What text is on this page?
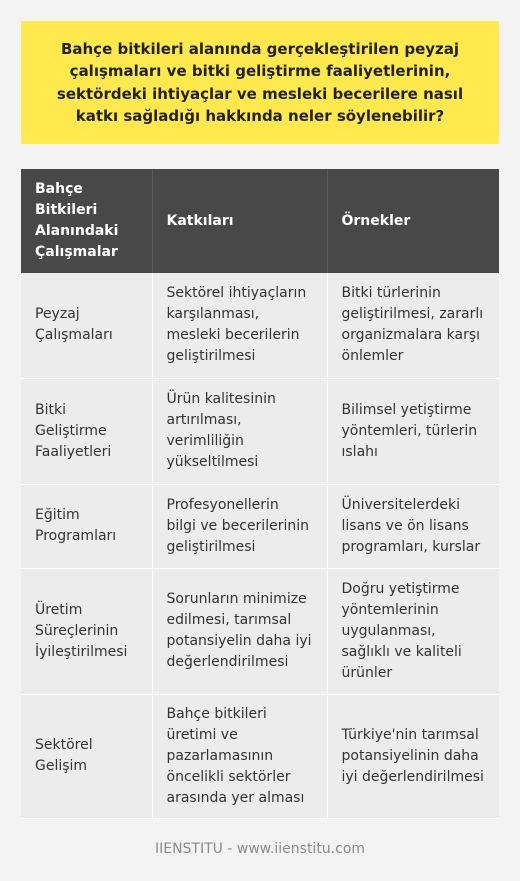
Bahçe bitkileri alanında gerçekleştirilen peyzaj çalışmaları ve bitki geliştirme faaliyetlerinin, sektördeki ihtiyaçlar ve mesleki becerilere nasıl katkı sağladığı hakkında neler söylenebilir?
Bahçe Bitkileri Alanındaki Çalışmalar	Katkıları	Örnekler
Peyzaj Çalışmaları	Sektörel ihtiyaçların karşılanması, mesleki becerilerin geliştirilmesi	Bitki türlerinin geliştirilmesi, zararlı organizmalara karşı önlemler
Bitki Geliştirme Faaliyetleri	Ürün kalitesinin artırılması, verimliliğin yükseltilmesi	Bilimsel yetiştirme yöntemleri, türlerin ıslahı
Eğitim Programları	Profesyonellerin bilgi ve becerilerinin geliştirilmesi	Üniversitelerdeki lisans ve ön lisans programları, kurslar
Üretim Süreçlerinin İyileştirilmesi	Sorunların minimize edilmesi, tarımsal potansiyelin daha iyi değerlendirilmesi	Doğru yetiştirme yöntemlerinin uygulanması, sağlıklı ve kaliteli ürünler
Sektörel Gelişim	Bahçe bitkileri üretimi ve pazarlamasının öncelikli sektörler arasında yer alması	Türkiye'nin tarımsal potansiyelinin daha iyi değerlendirilmesi
IIENSTITU - www.iienstitu.com
